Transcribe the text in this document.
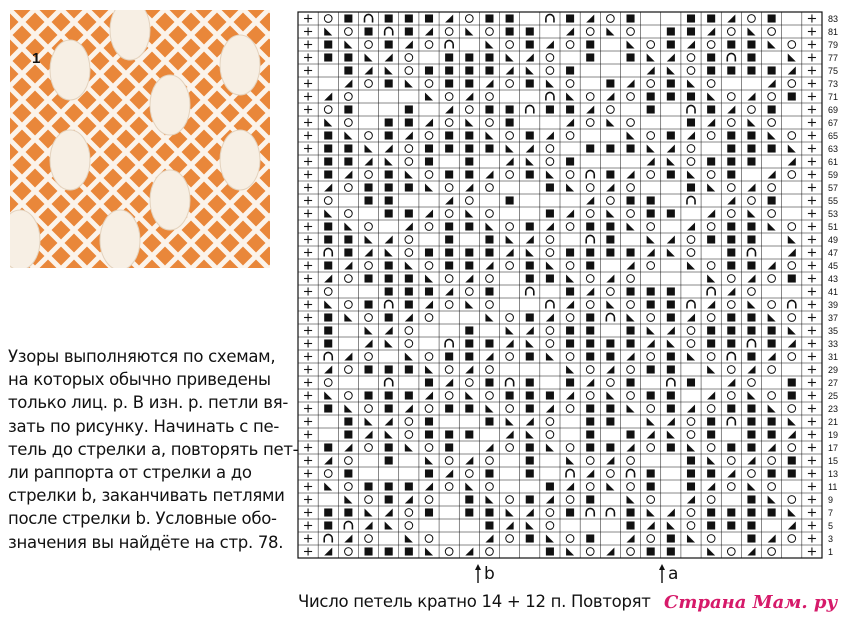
1
Узоры выполняются по схемам,
на которых обычно приведены
только лиц. р. В изн. р. петли вя-
зать по рисунку. Начинать с пе-
тель до стрелки а, повторять пет-
ли раппорта от стрелки а до
стрелки b, заканчивать петлями
после стрелки b. Условные обо-
значения вы найдёте на стр. 78.
83
81
79
77
75
73
71
69
67
65
63
61
59
57
55
53
51
49
47
45
43
41
39
37
35
33
31
29
27
25
23
21
19
17
15
13
11
9
7
5
3
1
b	a
Число петель кратно 14 + 12 п. Повторят Страна Мам. ру
